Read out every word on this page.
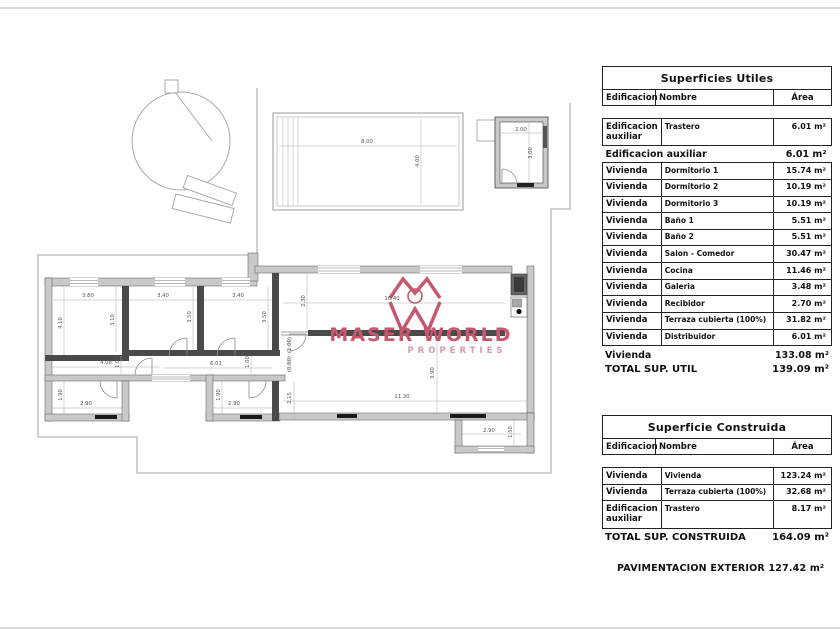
MASER WORLD
PROPERTIES
8.00
4.00
2.00
3.00
3.80	3.40	3.40
4.10	3.10	3.50	3.50
4.08 1.00	6.01	1.00
1.90
2.90
1.90
2.90
2.30	10.40
(1.00)
(0.80)
2.15
3.90
11.30
2.90 1.50
Superficies Utiles
Edificacion Nombre	Área
Edificacion auxiliar	Trastero	6.01 m²
Edificacion auxiliar		6.01 m²
Vivienda	Dormitorio 1	15.74 m²
Vivienda	Dormitorio 2	10.19 m²
Vivienda	Dormitorio 3	10.19 m²
Vivienda	Baño 1	5.51 m²
Vivienda	Baño 2	5.51 m²
Vivienda	Salon - Comedor	30.47 m²
Vivienda	Cocina	11.46 m²
Vivienda	Galeria	3.48 m²
Vivienda	Recibidor	2.70 m²
Vivienda	Terraza cubierta (100%)	31.82 m²
Vivienda	Distribuidor	6.01 m²
Vivienda	133.08 m²
TOTAL SUP. UTIL	139.09 m²
Superficie Construida
Edificacion Nombre	Área
Vivienda	Vivienda	123.24 m²
Vivienda	Terraza cubierta (100%)	32.68 m²
Edificacion auxiliar	Trastero	8.17 m²
TOTAL SUP. CONSTRUIDA	164.09 m²
PAVIMENTACION EXTERIOR 127.42 m²
